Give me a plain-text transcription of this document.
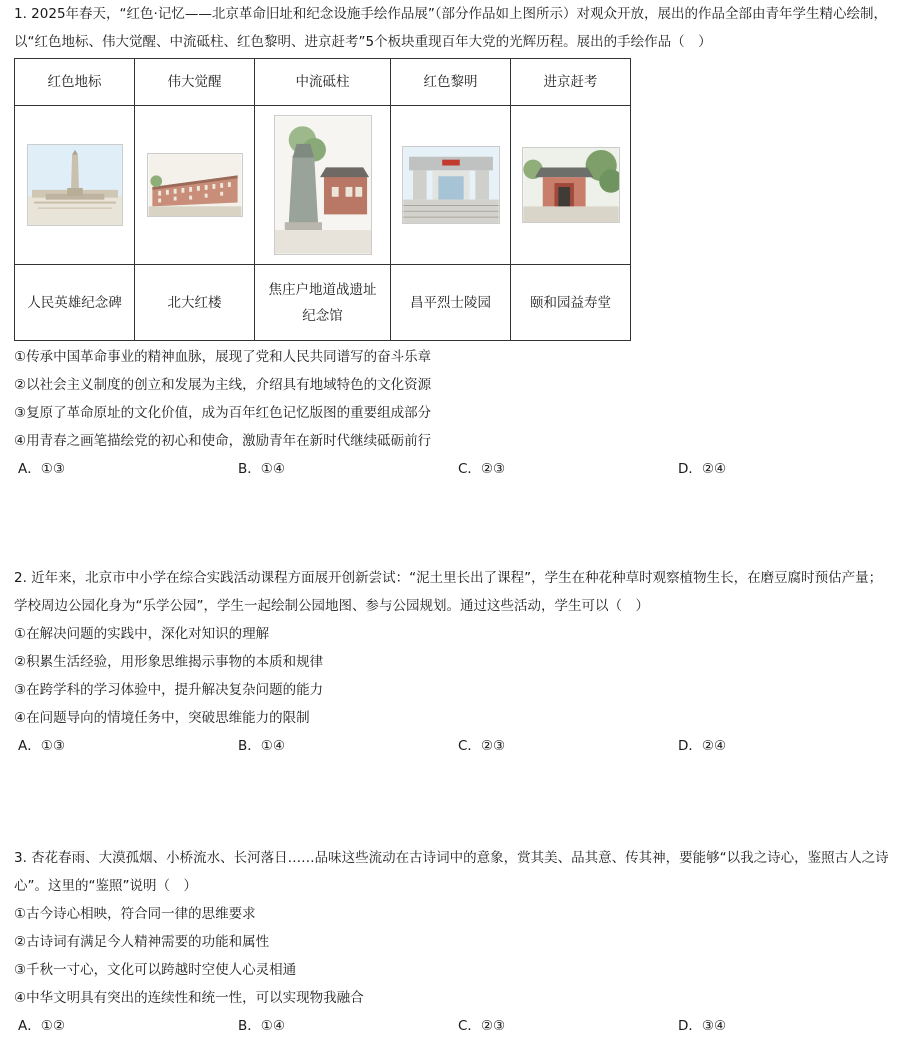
1. 2025年春天，“红色·记忆——北京革命旧址和纪念设施手绘作品展”（部分作品如上图所示）对观众开放，展出的作品全部由青年学生精心绘制，以“红色地标、伟大觉醒、中流砥柱、红色黎明、进京赶考”5个板块重现百年大党的光辉历程。展出的手绘作品（　）

红色地标	伟大觉醒	中流砥柱	红色黎明	进京赶考

人民英雄纪念碑	北大红楼	焦庄户地道战遗址纪念馆	昌平烈士陵园	颐和园益寿堂

①传承中国革命事业的精神血脉，展现了党和人民共同谱写的奋斗乐章

②以社会主义制度的创立和发展为主线，介绍具有地域特色的文化资源

③复原了革命原址的文化价值，成为百年红色记忆版图的重要组成部分

④用青春之画笔描绘党的初心和使命，激励青年在新时代继续砥砺前行

A．①③	B．①④	C．②③	D．②④

2. 近年来，北京市中小学在综合实践活动课程方面展开创新尝试：“泥土里长出了课程”，学生在种花种草时观察植物生长，在磨豆腐时预估产量；学校周边公园化身为“乐学公园”，学生一起绘制公园地图、参与公园规划。通过这些活动，学生可以（　）

①在解决问题的实践中，深化对知识的理解

②积累生活经验，用形象思维揭示事物的本质和规律

③在跨学科的学习体验中，提升解决复杂问题的能力

④在问题导向的情境任务中，突破思维能力的限制

A．①③	B．①④	C．②③	D．②④

3. 杏花春雨、大漠孤烟、小桥流水、长河落日……品味这些流动在古诗词中的意象，赏其美、品其意、传其神，要能够“以我之诗心，鉴照古人之诗心”。这里的“鉴照”说明（　）

①古今诗心相映，符合同一律的思维要求

②古诗词有满足今人精神需要的功能和属性

③千秋一寸心，文化可以跨越时空使人心灵相通

④中华文明具有突出的连续性和统一性，可以实现物我融合

A．①②	B．①④	C．②③	D．③④
